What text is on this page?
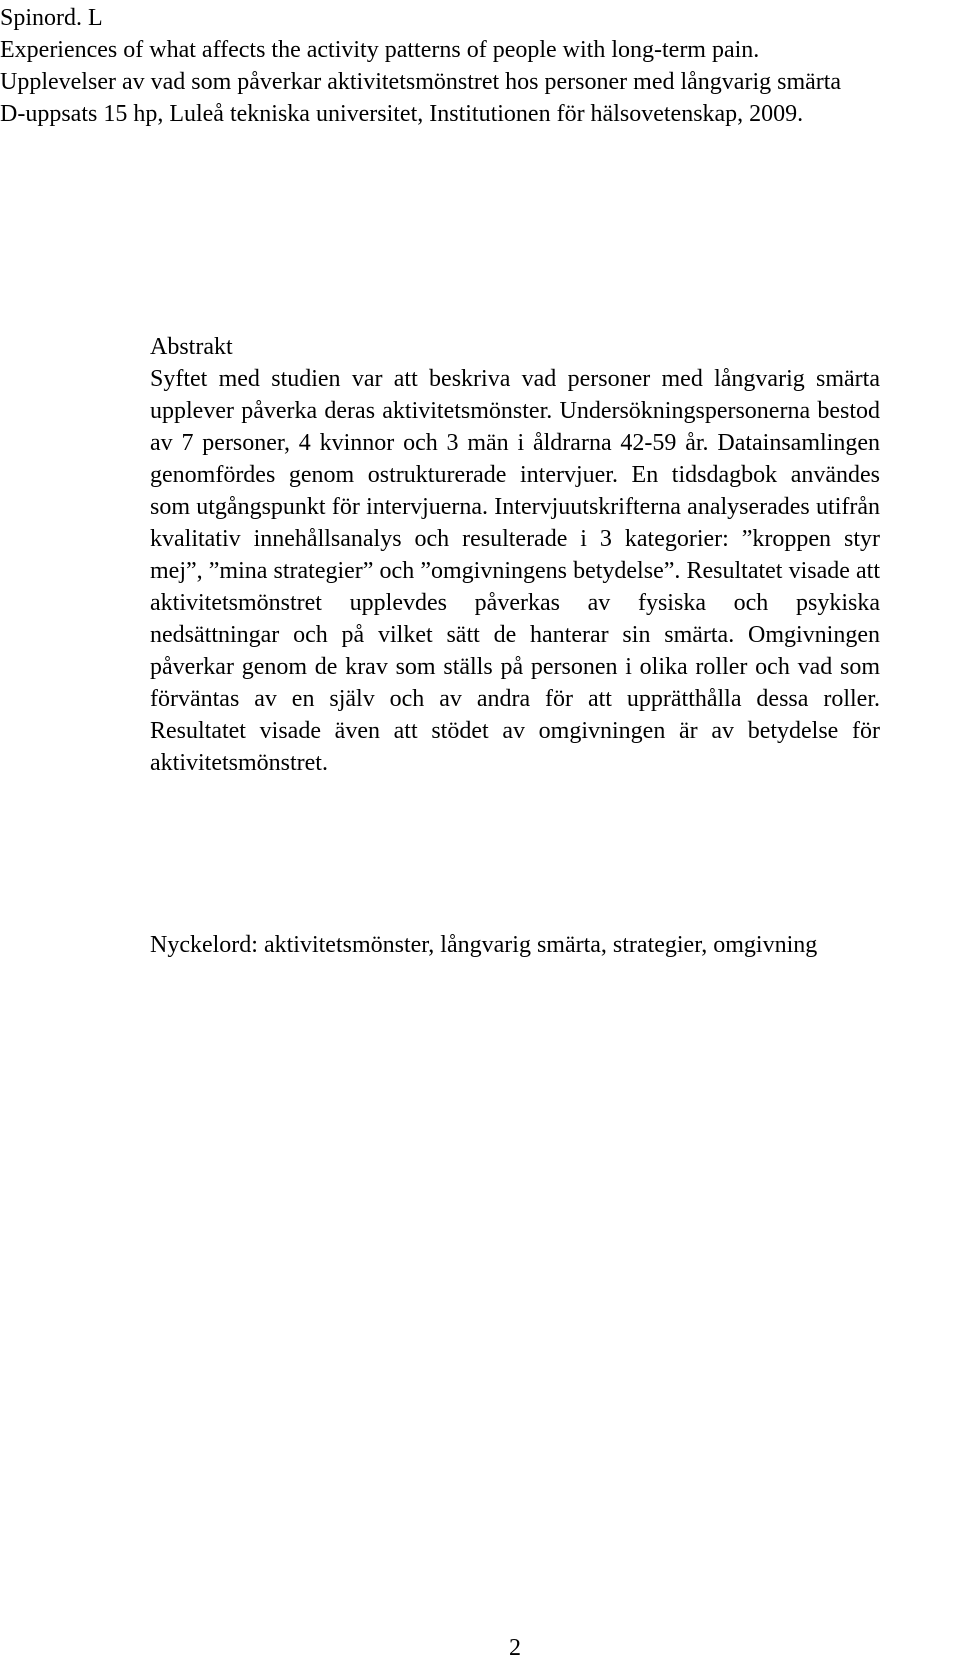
Spinord. L
Experiences of what affects the activity patterns of people with long-term pain.
Upplevelser av vad som påverkar aktivitetsmönstret hos personer med långvarig smärta
D-uppsats 15 hp, Luleå tekniska universitet, Institutionen för hälsovetenskap, 2009.
Abstrakt
Syftet med studien var att beskriva vad personer med långvarig smärta upplever påverka deras aktivitetsmönster. Undersökningspersonerna bestod av 7 personer, 4 kvinnor och 3 män i åldrarna 42-59 år. Datainsamlingen genomfördes genom ostrukturerade intervjuer. En tidsdagbok användes som utgångspunkt för intervjuerna. Intervjuutskrifterna analyserades utifrån kvalitativ innehållsanalys och resulterade i 3 kategorier: ”kroppen styr mej”, ”mina strategier” och ”omgivningens betydelse”. Resultatet visade att aktivitetsmönstret upplevdes påverkas av fysiska och psykiska nedsättningar och på vilket sätt de hanterar sin smärta. Omgivningen påverkar genom de krav som ställs på personen i olika roller och vad som förväntas av en själv och av andra för att upprätthålla dessa roller. Resultatet visade även att stödet av omgivningen är av betydelse för aktivitetsmönstret.
Nyckelord: aktivitetsmönster, långvarig smärta, strategier, omgivning
2
